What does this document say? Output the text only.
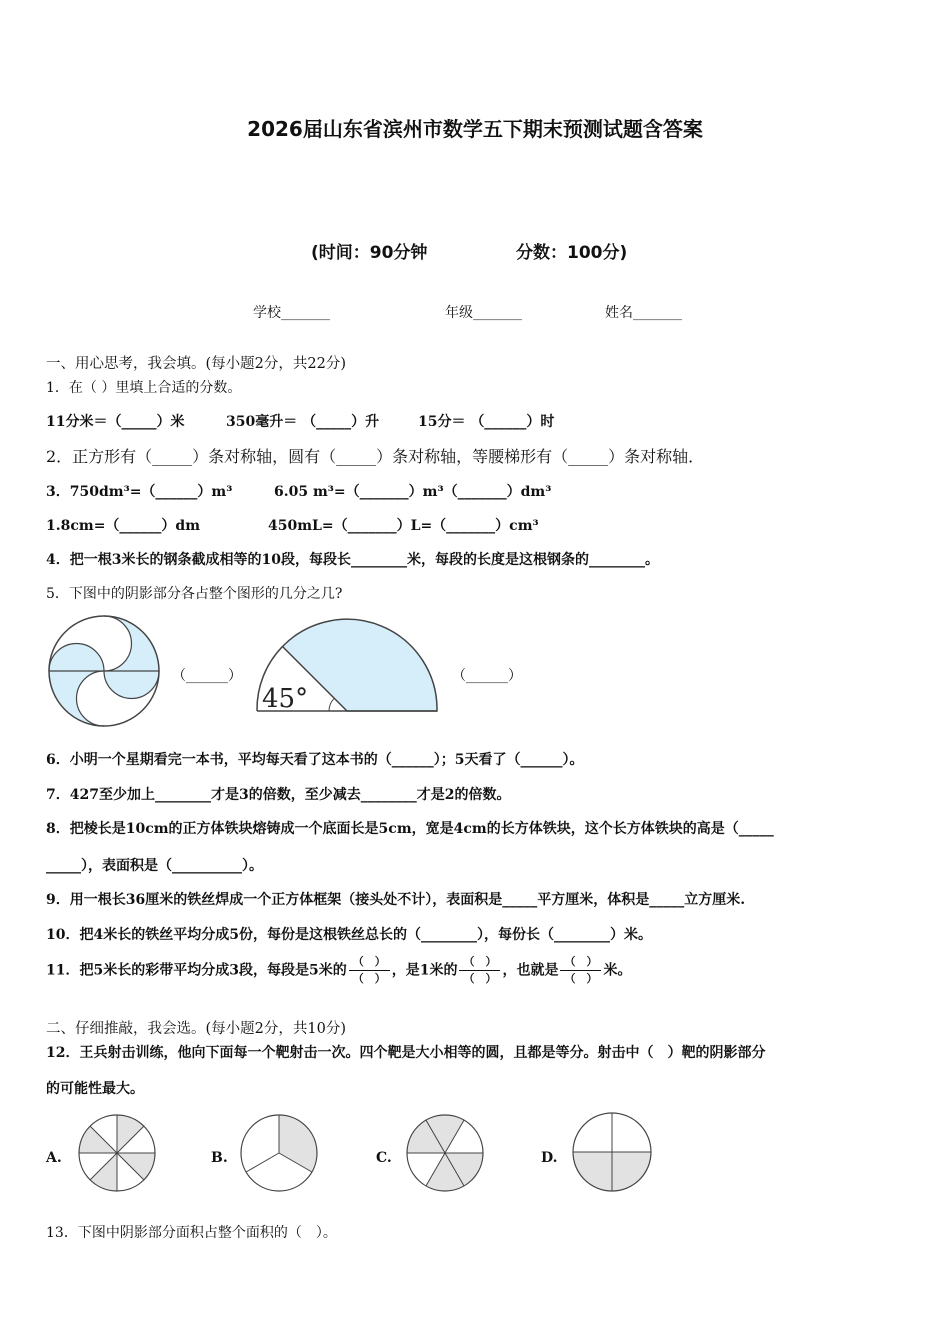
2026届山东省滨州市数学五下期末预测试题含答案
(时间：90分钟	分数：100分)
学校_______	年级_______	姓名_______
一、用心思考，我会填。(每小题2分，共22分)
1．在（ ）里填上合适的分数。
11分米＝（_____）米	350毫升＝ （_____）升	15分＝ （______）时
2．正方形有（_____）条对称轴，圆有（_____）条对称轴，等腰梯形有（_____）条对称轴．
3．750dm³=（______）m³	6.05 m³=（_______）m³（_______）dm³
1.8cm=（______）dm	450mL=（_______）L=（_______）cm³
4．把一根3米长的钢条截成相等的10段，每段长________米，每段的长度是这根钢条的________。
5．下图中的阴影部分各占整个图形的几分之几?
（______）
45°
（______）
6．小明一个星期看完一本书，平均每天看了这本书的（______）；5天看了（______）。
7．427至少加上________才是3的倍数，至少减去________才是2的倍数。
8．把棱长是10cm的正方体铁块熔铸成一个底面长是5cm，宽是4cm的长方体铁块，这个长方体铁块的高是（_____
_____），表面积是（__________）。
9．用一根长36厘米的铁丝焊成一个正方体框架（接头处不计），表面积是_____平方厘米，体积是_____立方厘米.
10．把4米长的铁丝平均分成5份，每份是这根铁丝总长的（________），每份长（________）米。
11．把5米长的彩带平均分成3段，每段是5米的 $\frac{( )}{( )}$ ，是1米的 $\frac{( )}{( )}$ ，也就是 $\frac{( )}{( )}$ 米。
二、仔细推敲，我会选。(每小题2分，共10分)
12．王兵射击训练，他向下面每一个靶射击一次。四个靶是大小相等的圆，且都是等分。射击中（　）靶的阴影部分
的可能性最大。
A.	B.	C.	D.
13．下图中阴影部分面积占整个面积的（　）。
